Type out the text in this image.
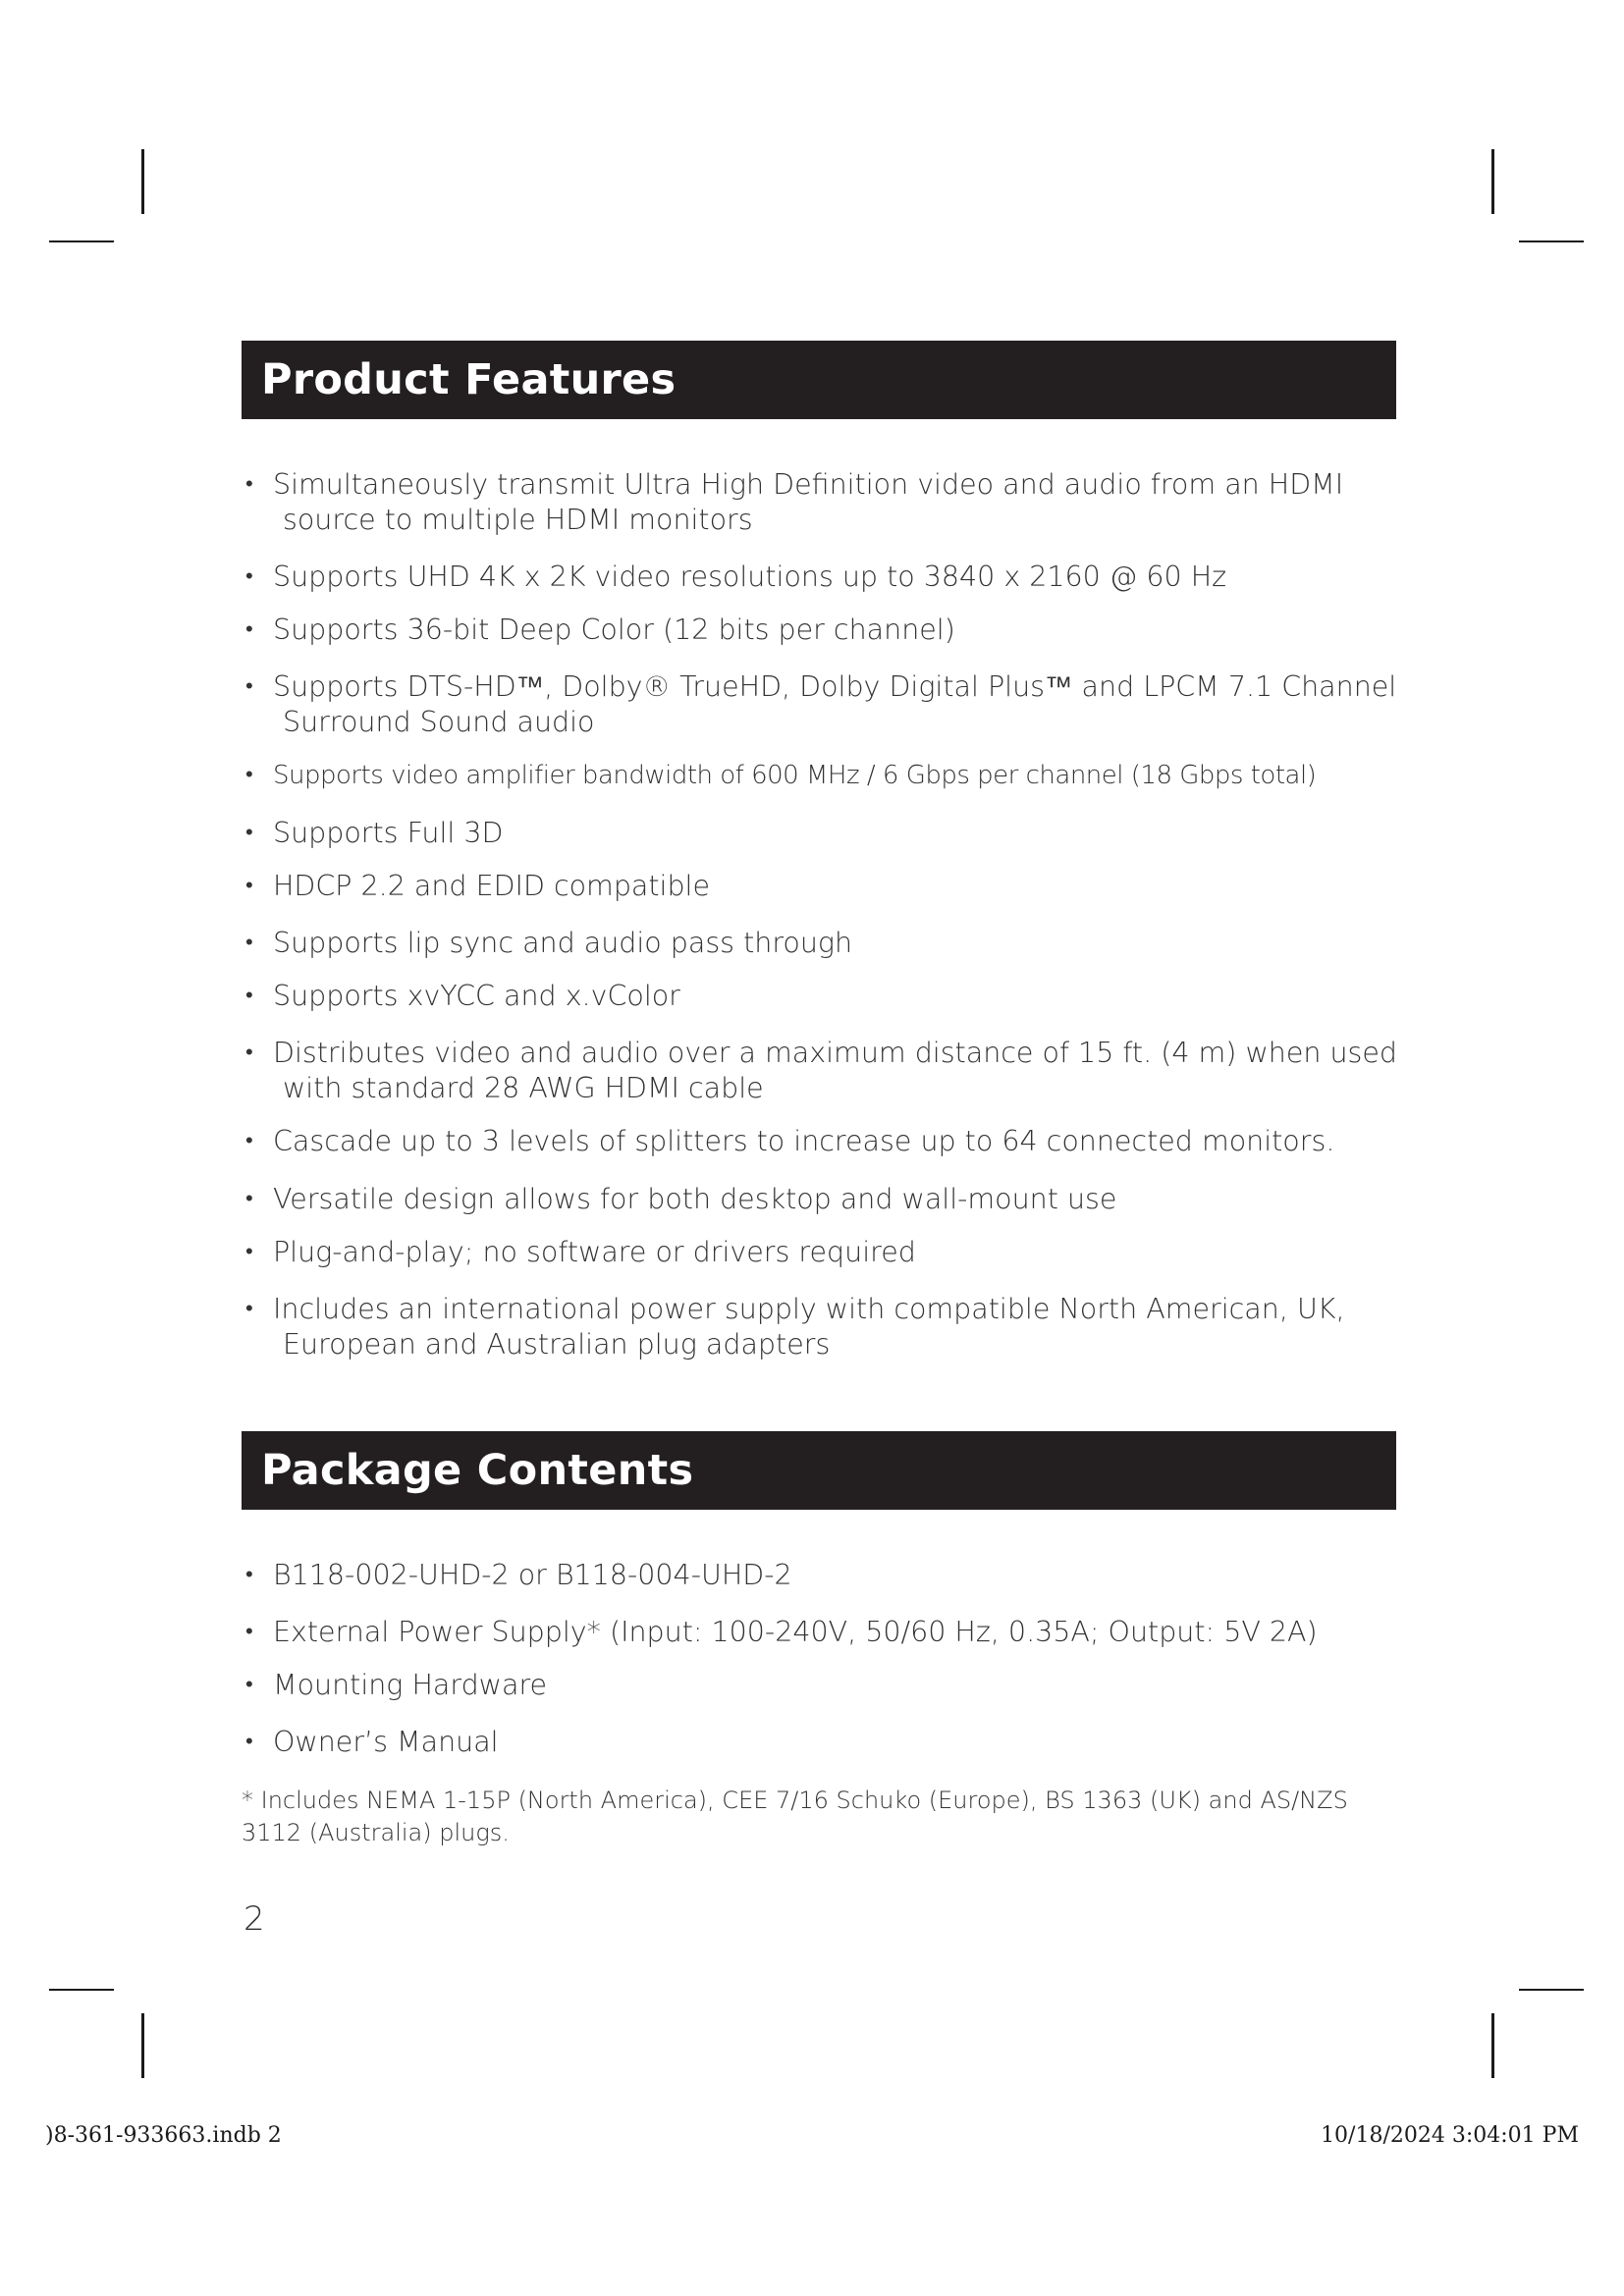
Product Features
• Simultaneously transmit Ultra High Definition video and audio from an HDMI
source to multiple HDMI monitors
• Supports UHD 4K x 2K video resolutions up to 3840 x 2160 @ 60 Hz
• Supports 36-bit Deep Color (12 bits per channel)
• Supports DTS-HD™, Dolby® TrueHD, Dolby Digital Plus™ and LPCM 7.1 Channel
Surround Sound audio
• Supports video amplifier bandwidth of 600 MHz / 6 Gbps per channel (18 Gbps total)
• Supports Full 3D
• HDCP 2.2 and EDID compatible
• Supports lip sync and audio pass through
• Supports xvYCC and x.vColor
• Distributes video and audio over a maximum distance of 15 ft. (4 m) when used
with standard 28 AWG HDMI cable
• Cascade up to 3 levels of splitters to increase up to 64 connected monitors.
• Versatile design allows for both desktop and wall-mount use
• Plug-and-play; no software or drivers required
• Includes an international power supply with compatible North American, UK,
European and Australian plug adapters
Package Contents
• B118-002-UHD-2 or B118-004-UHD-2
• External Power Supply* (Input: 100-240V, 50/60 Hz, 0.35A; Output: 5V 2A)
• Mounting Hardware
• Owner’s Manual
* Includes NEMA 1-15P (North America), CEE 7/16 Schuko (Europe), BS 1363 (UK) and AS/NZS
3112 (Australia) plugs.
2
)8-361-933663.indb 2	10/18/2024 3:04:01 PM
